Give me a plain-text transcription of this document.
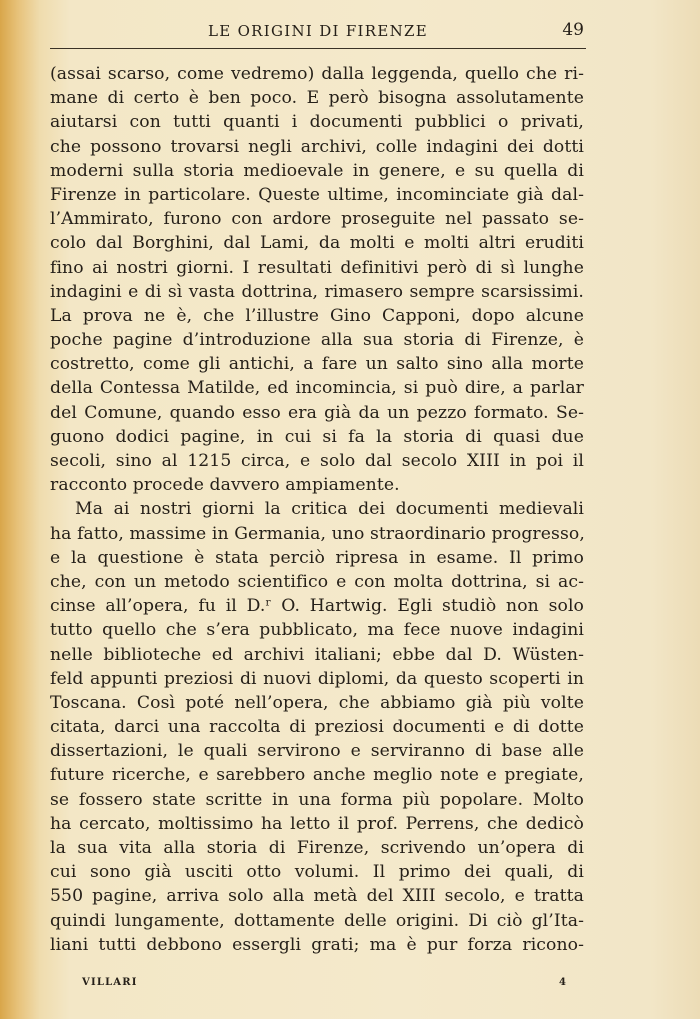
LE ORIGINI DI FIRENZE	49
(assai scarso, come vedremo) dalla leggenda, quello che ri-
mane di certo è ben poco. E però bisogna assolutamente
aiutarsi con tutti quanti i documenti pubblici o privati,
che possono trovarsi negli archivi, colle indagini dei dotti
moderni sulla storia medioevale in genere, e su quella di
Firenze in particolare. Queste ultime, incominciate già dal-
l’Ammirato, furono con ardore proseguite nel passato se-
colo dal Borghini, dal Lami, da molti e molti altri eruditi
fino ai nostri giorni. I resultati definitivi però di sì lunghe
indagini e di sì vasta dottrina, rimasero sempre scarsissimi.
La prova ne è, che l’illustre Gino Capponi, dopo alcune
poche pagine d’introduzione alla sua storia di Firenze, è
costretto, come gli antichi, a fare un salto sino alla morte
della Contessa Matilde, ed incomincia, si può dire, a parlar
del Comune, quando esso era già da un pezzo formato. Se-
guono dodici pagine, in cui si fa la storia di quasi due
secoli, sino al 1215 circa, e solo dal secolo XIII in poi il
racconto procede davvero ampiamente.
Ma ai nostri giorni la critica dei documenti medievali
ha fatto, massime in Germania, uno straordinario progresso,
e la questione è stata perciò ripresa in esame. Il primo
che, con un metodo scientifico e con molta dottrina, si ac-
cinse all’opera, fu il D.ʳ O. Hartwig. Egli studiò non solo
tutto quello che s’era pubblicato, ma fece nuove indagini
nelle biblioteche ed archivi italiani; ebbe dal D. Wüsten-
feld appunti preziosi di nuovi diplomi, da questo scoperti in
Toscana. Così poté nell’opera, che abbiamo già più volte
citata, darci una raccolta di preziosi documenti e di dotte
dissertazioni, le quali servirono e serviranno di base alle
future ricerche, e sarebbero anche meglio note e pregiate,
se fossero state scritte in una forma più popolare. Molto
ha cercato, moltissimo ha letto il prof. Perrens, che dedicò
la sua vita alla storia di Firenze, scrivendo un’opera di
cui sono già usciti otto volumi. Il primo dei quali, di
550 pagine, arriva solo alla metà del XIII secolo, e tratta
quindi lungamente, dottamente delle origini. Di ciò gl’Ita-
liani tutti debbono essergli grati; ma è pur forza ricono-
VILLARI	4
